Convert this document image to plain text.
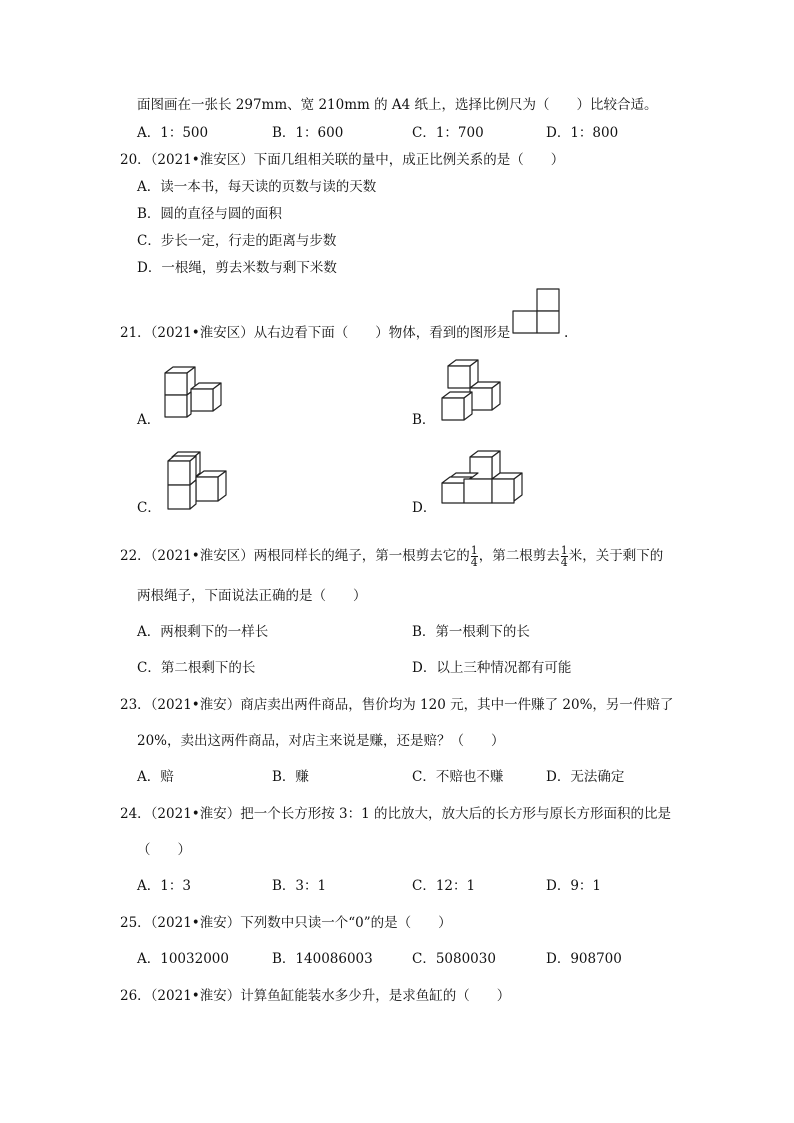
面图画在一张长 297mm、宽 210mm 的 A4 纸上，选择比例尺为（　　）比较合适。
A．1：500	B．1：600	C．1：700	D．1：800
20．（2021•淮安区）下面几组相关联的量中，成正比例关系的是（　　）
A．读一本书，每天读的页数与读的天数
B．圆的直径与圆的面积
C．步长一定，行走的距离与步数
D．一根绳，剪去米数与剩下米数
21．（2021•淮安区）从右边看下面（　　）物体，看到的图形是	.
A．	B．
C．	D．
22．（2021•淮安区）两根同样长的绳子，第一根剪去它的 $\frac{1}{4}$ ，第二根剪去 $\frac{1}{4}$ 米，关于剩下的
两根绳子，下面说法正确的是（　　）
A．两根剩下的一样长	B．第一根剩下的长
C．第二根剩下的长	D．以上三种情况都有可能
23．（2021•淮安）商店卖出两件商品，售价均为 120 元，其中一件赚了 20%，另一件赔了
20%，卖出这两件商品，对店主来说是赚，还是赔？（　　）
A．赔	B．赚	C．不赔也不赚	D．无法确定
24．（2021•淮安）把一个长方形按 3：1 的比放大，放大后的长方形与原长方形面积的比是
（　　）
A．1：3	B．3：1	C．12：1	D．9：1
25．（2021•淮安）下列数中只读一个“0”的是（　　）
A．10032000	B．140086003	C．5080030	D．908700
26．（2021•淮安）计算鱼缸能装水多少升，是求鱼缸的（　　）
